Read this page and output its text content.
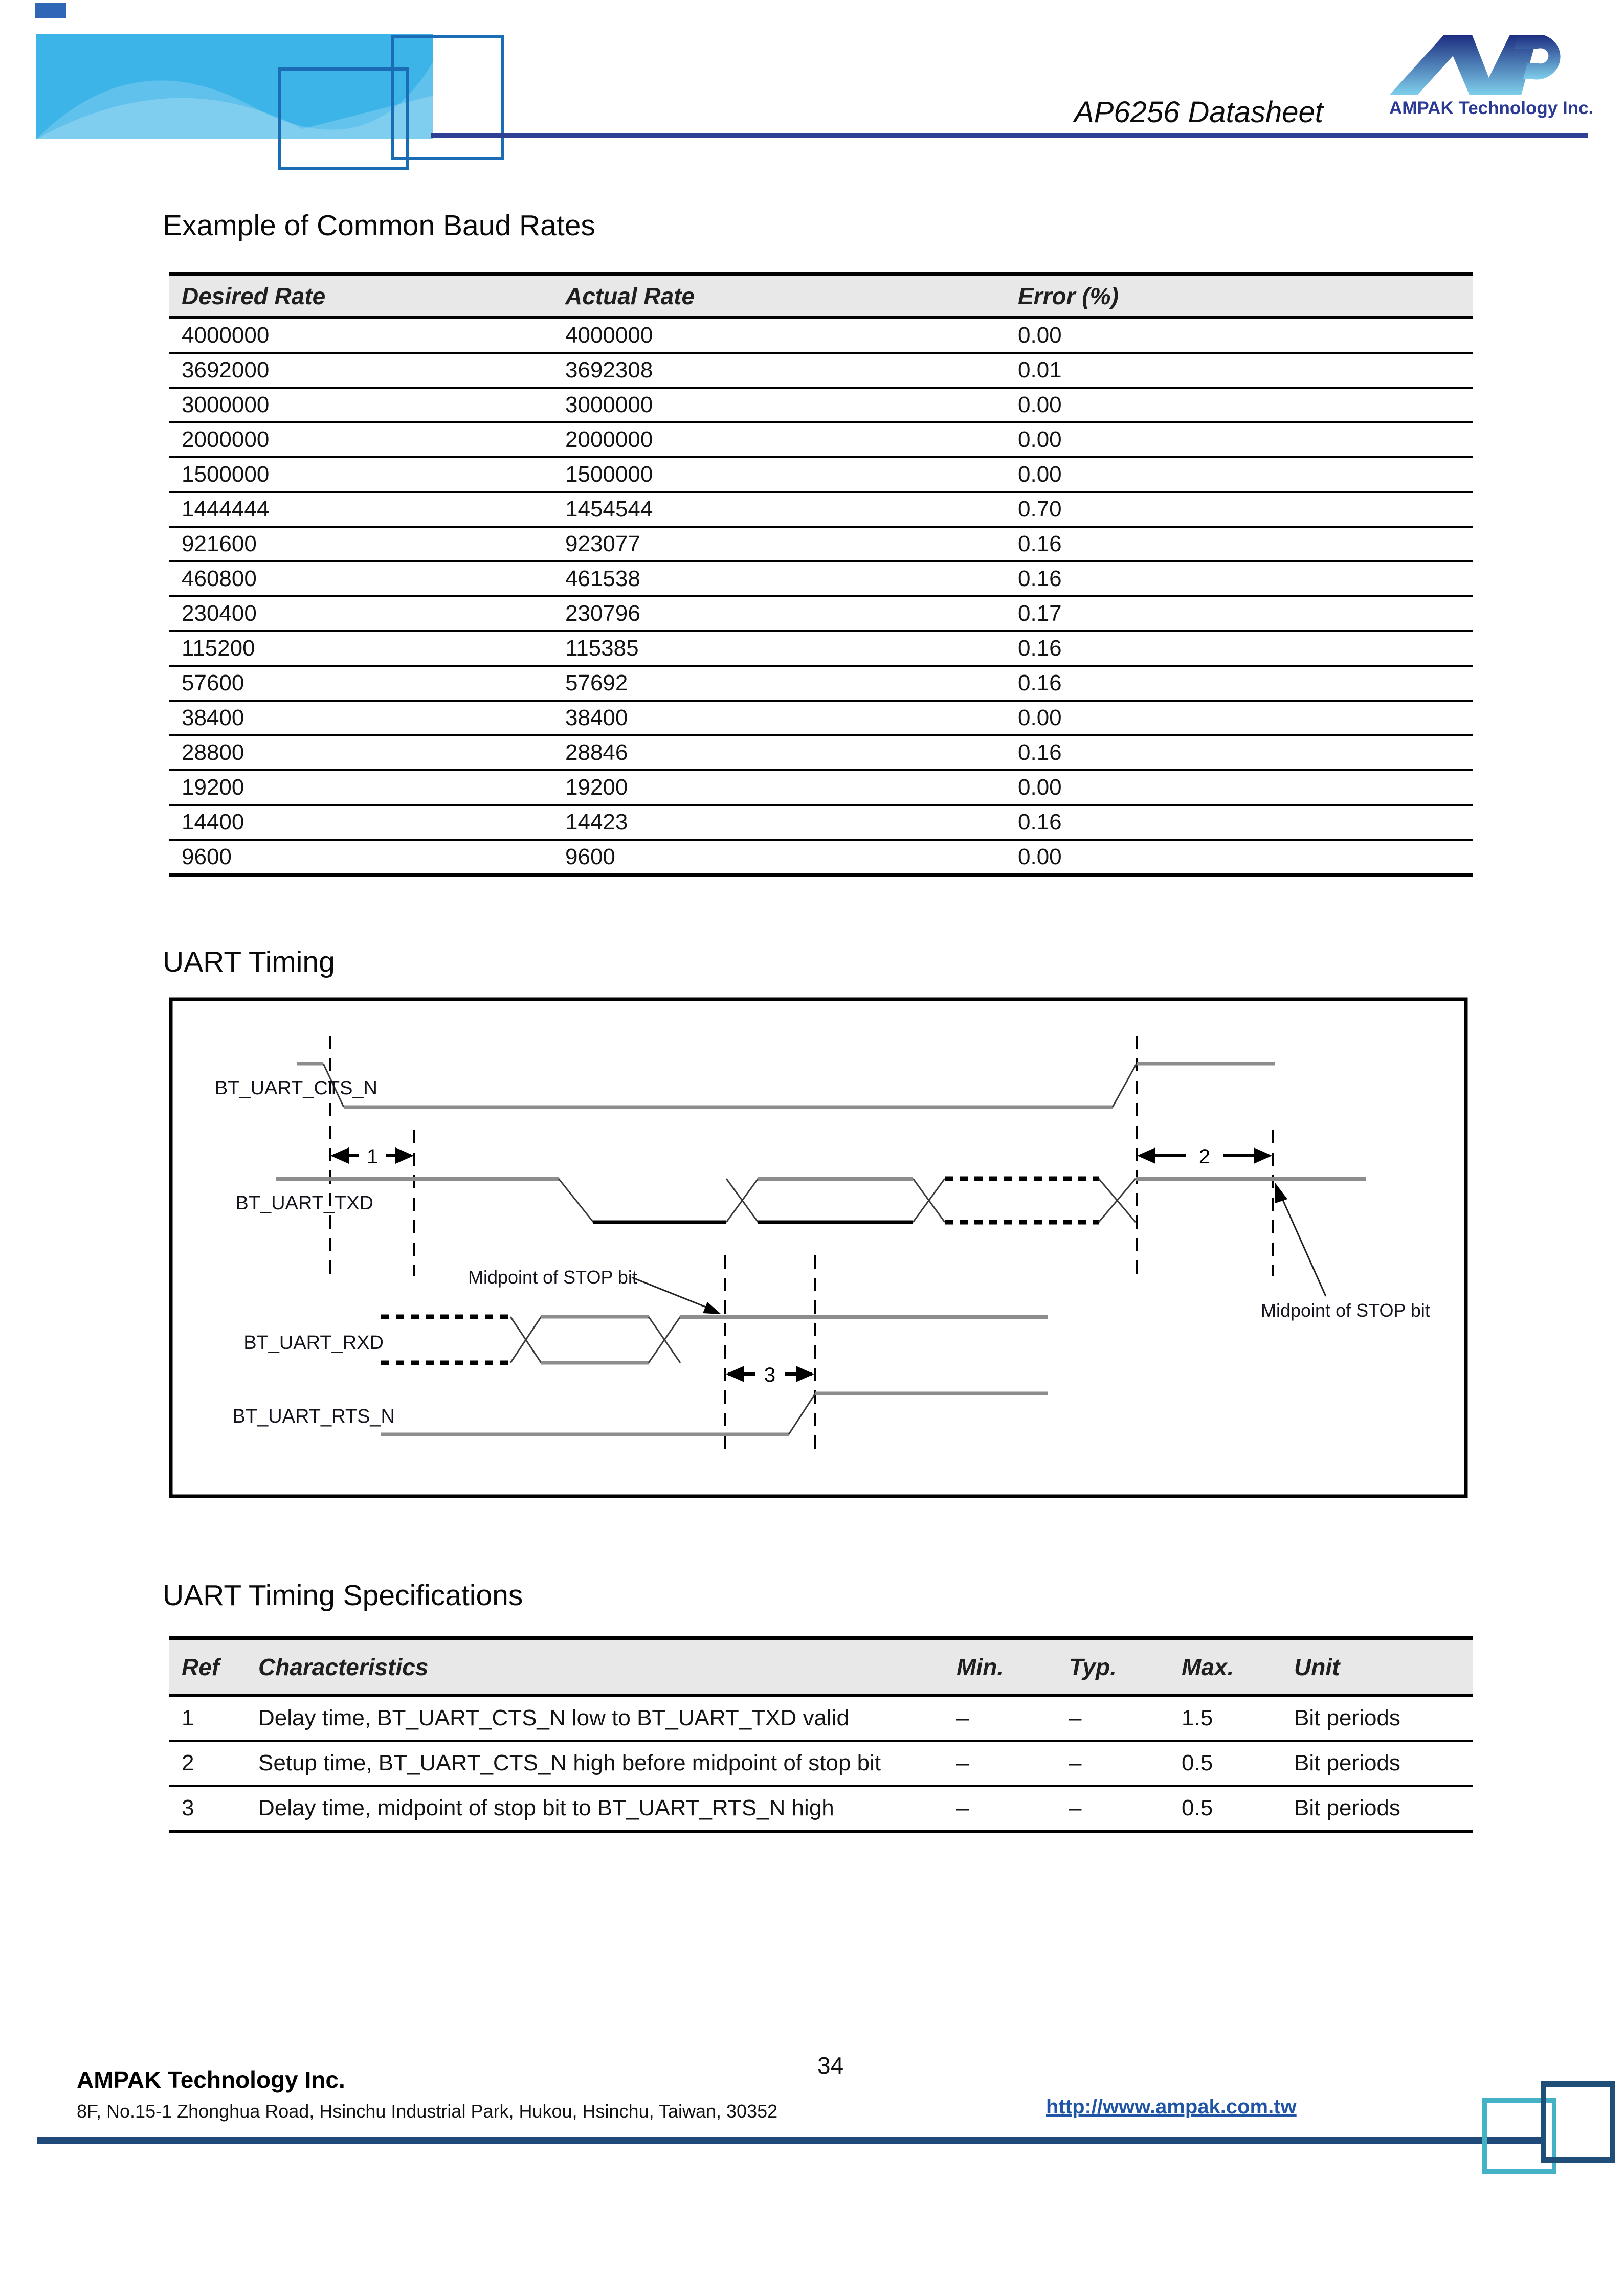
AP6256 Datasheet	AMPAK Technology Inc.
Example of Common Baud Rates
Desired Rate	Actual Rate	Error (%)
4000000	4000000	0.00
3692000	3692308	0.01
3000000	3000000	0.00
2000000	2000000	0.00
1500000	1500000	0.00
1444444	1454544	0.70
921600	923077	0.16
460800	461538	0.16
230400	230796	0.17
115200	115385	0.16
57600	57692	0.16
38400	38400	0.00
28800	28846	0.16
19200	19200	0.00
14400	14423	0.16
9600	9600	0.00
UART Timing
BT_UART_CTS_N
1	2
BT_UART_TXD
Midpoint of STOP bit
Midpoint of STOP bit
BT_UART_RXD
3
BT_UART_RTS_N
UART Timing Specifications
Ref	Characteristics	Min.	Typ.	Max.	Unit
1	Delay time, BT_UART_CTS_N low to BT_UART_TXD valid	–	–	1.5	Bit periods
2	Setup time, BT_UART_CTS_N high before midpoint of stop bit	–	–	0.5	Bit periods
3	Delay time, midpoint of stop bit to BT_UART_RTS_N high	–	–	0.5	Bit periods
AMPAK Technology Inc.
8F, No.15-1 Zhonghua Road, Hsinchu Industrial Park, Hukou, Hsinchu, Taiwan, 30352
34
http://www.ampak.com.tw
